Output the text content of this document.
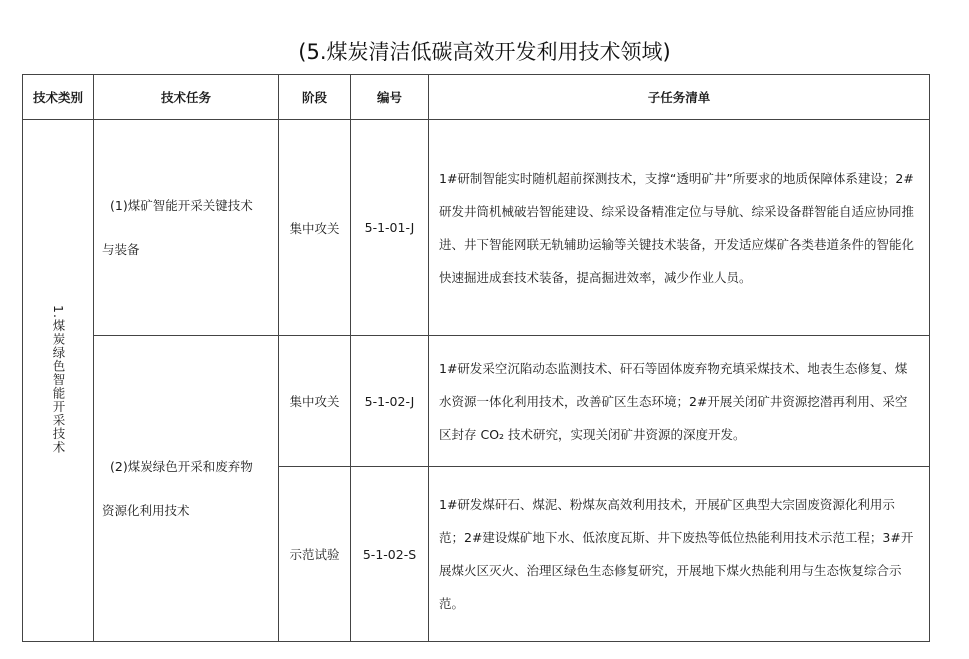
(5.煤炭清洁低碳高效开发利用技术领域)
技术类别	技术任务	阶段	编号	子任务清单
1.煤炭绿色智能开采技术	(1)煤矿智能开采关键技术
与装备	集中攻关	5-1-01-J	1#研制智能实时随机超前探测技术，支撑“透明矿井”所要求的地质保障体系建设；2#研发井筒机械破岩智能建设、综采设备精准定位与导航、综采设备群智能自适应协同推进、井下智能网联无轨辅助运输等关键技术装备，开发适应煤矿各类巷道条件的智能化快速掘进成套技术装备，提高掘进效率，减少作业人员。

	(2)煤炭绿色开采和废弃物
资源化利用技术	集中攻关	5-1-02-J	1#研发采空沉陷动态监测技术、矸石等固体废弃物充填采煤技术、地表生态修复、煤水资源一体化利用技术，改善矿区生态环境；2#开展关闭矿井资源挖潜再利用、采空区封存 CO₂ 技术研究，实现关闭矿井资源的深度开发。
		示范试验	5-1-02-S	1#研发煤矸石、煤泥、粉煤灰高效利用技术，开展矿区典型大宗固废资源化利用示范；2#建设煤矿地下水、低浓度瓦斯、井下废热等低位热能利用技术示范工程；3#开展煤火区灭火、治理区绿色生态修复研究，开展地下煤火热能利用与生态恢复综合示范。
